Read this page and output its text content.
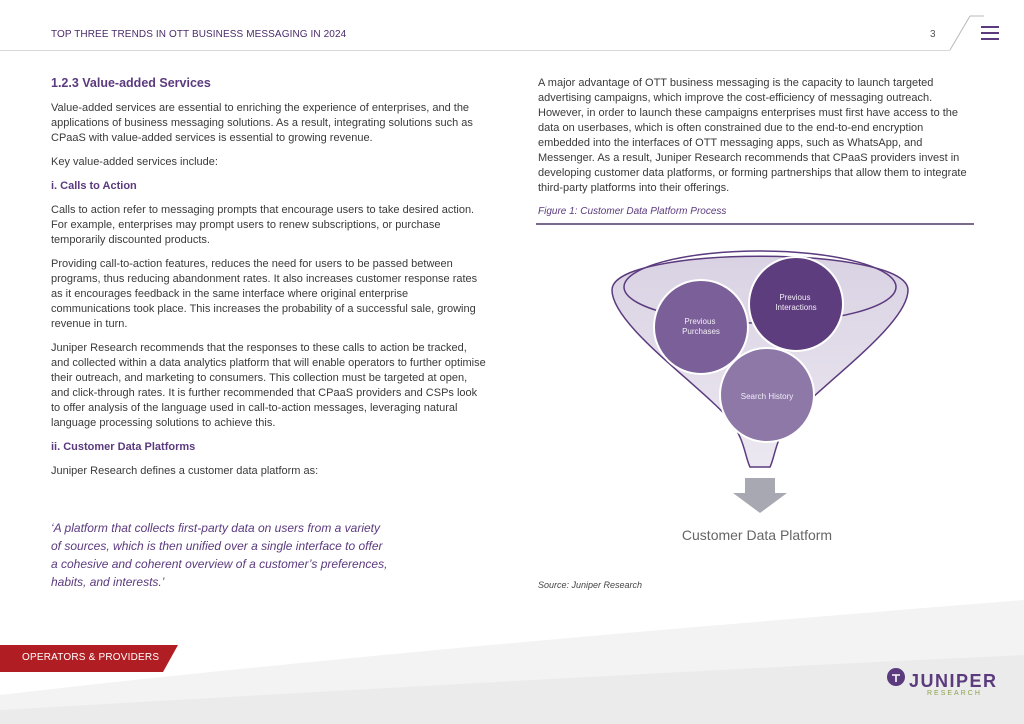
TOP THREE TRENDS IN OTT BUSINESS MESSAGING IN 2024	3
1.2.3 Value-added Services

Value-added services are essential to enriching the experience of enterprises, and the applications of business messaging solutions. As a result, integrating solutions such as CPaaS with value-added services is essential to growing revenue.

Key value-added services include:

i. Calls to Action

Calls to action refer to messaging prompts that encourage users to take desired action. For example, enterprises may prompt users to renew subscriptions, or purchase temporarily discounted products.

Providing call-to-action features, reduces the need for users to be passed between programs, thus reducing abandonment rates. It also increases customer response rates as it encourages feedback in the same interface where original enterprise communications took place. This increases the probability of a successful sale, growing revenue in turn.

Juniper Research recommends that the responses to these calls to action be tracked, and collected within a data analytics platform that will enable operators to further optimise their outreach, and marketing to consumers. This collection must be targeted at open, and click-through rates. It is further recommended that CPaaS providers and CSPs look to offer analysis of the language used in call-to-action messages, leveraging natural language processing solutions to achieve this.

ii. Customer Data Platforms

Juniper Research defines a customer data platform as:

‘A platform that collects first-party data on users from a variety of sources, which is then unified over a single interface to offer a cohesive and coherent overview of a customer’s preferences, habits, and interests.’

A major advantage of OTT business messaging is the capacity to launch targeted advertising campaigns, which improve the cost-efficiency of messaging outreach. However, in order to launch these campaigns enterprises must first have access to the data on userbases, which is often constrained due to the end-to-end encryption embedded into the interfaces of OTT messaging apps, such as WhatsApp, and Messenger. As a result, Juniper Research recommends that CPaaS providers invest in developing customer data platforms, or forming partnerships that allow them to integrate third-party platforms into their offerings.

Figure 1: Customer Data Platform Process
Previous Purchases
Previous Interactions
Search History
Customer Data Platform
Source: Juniper Research
OPERATORS & PROVIDERS
JUNIPER
RESEARCH
